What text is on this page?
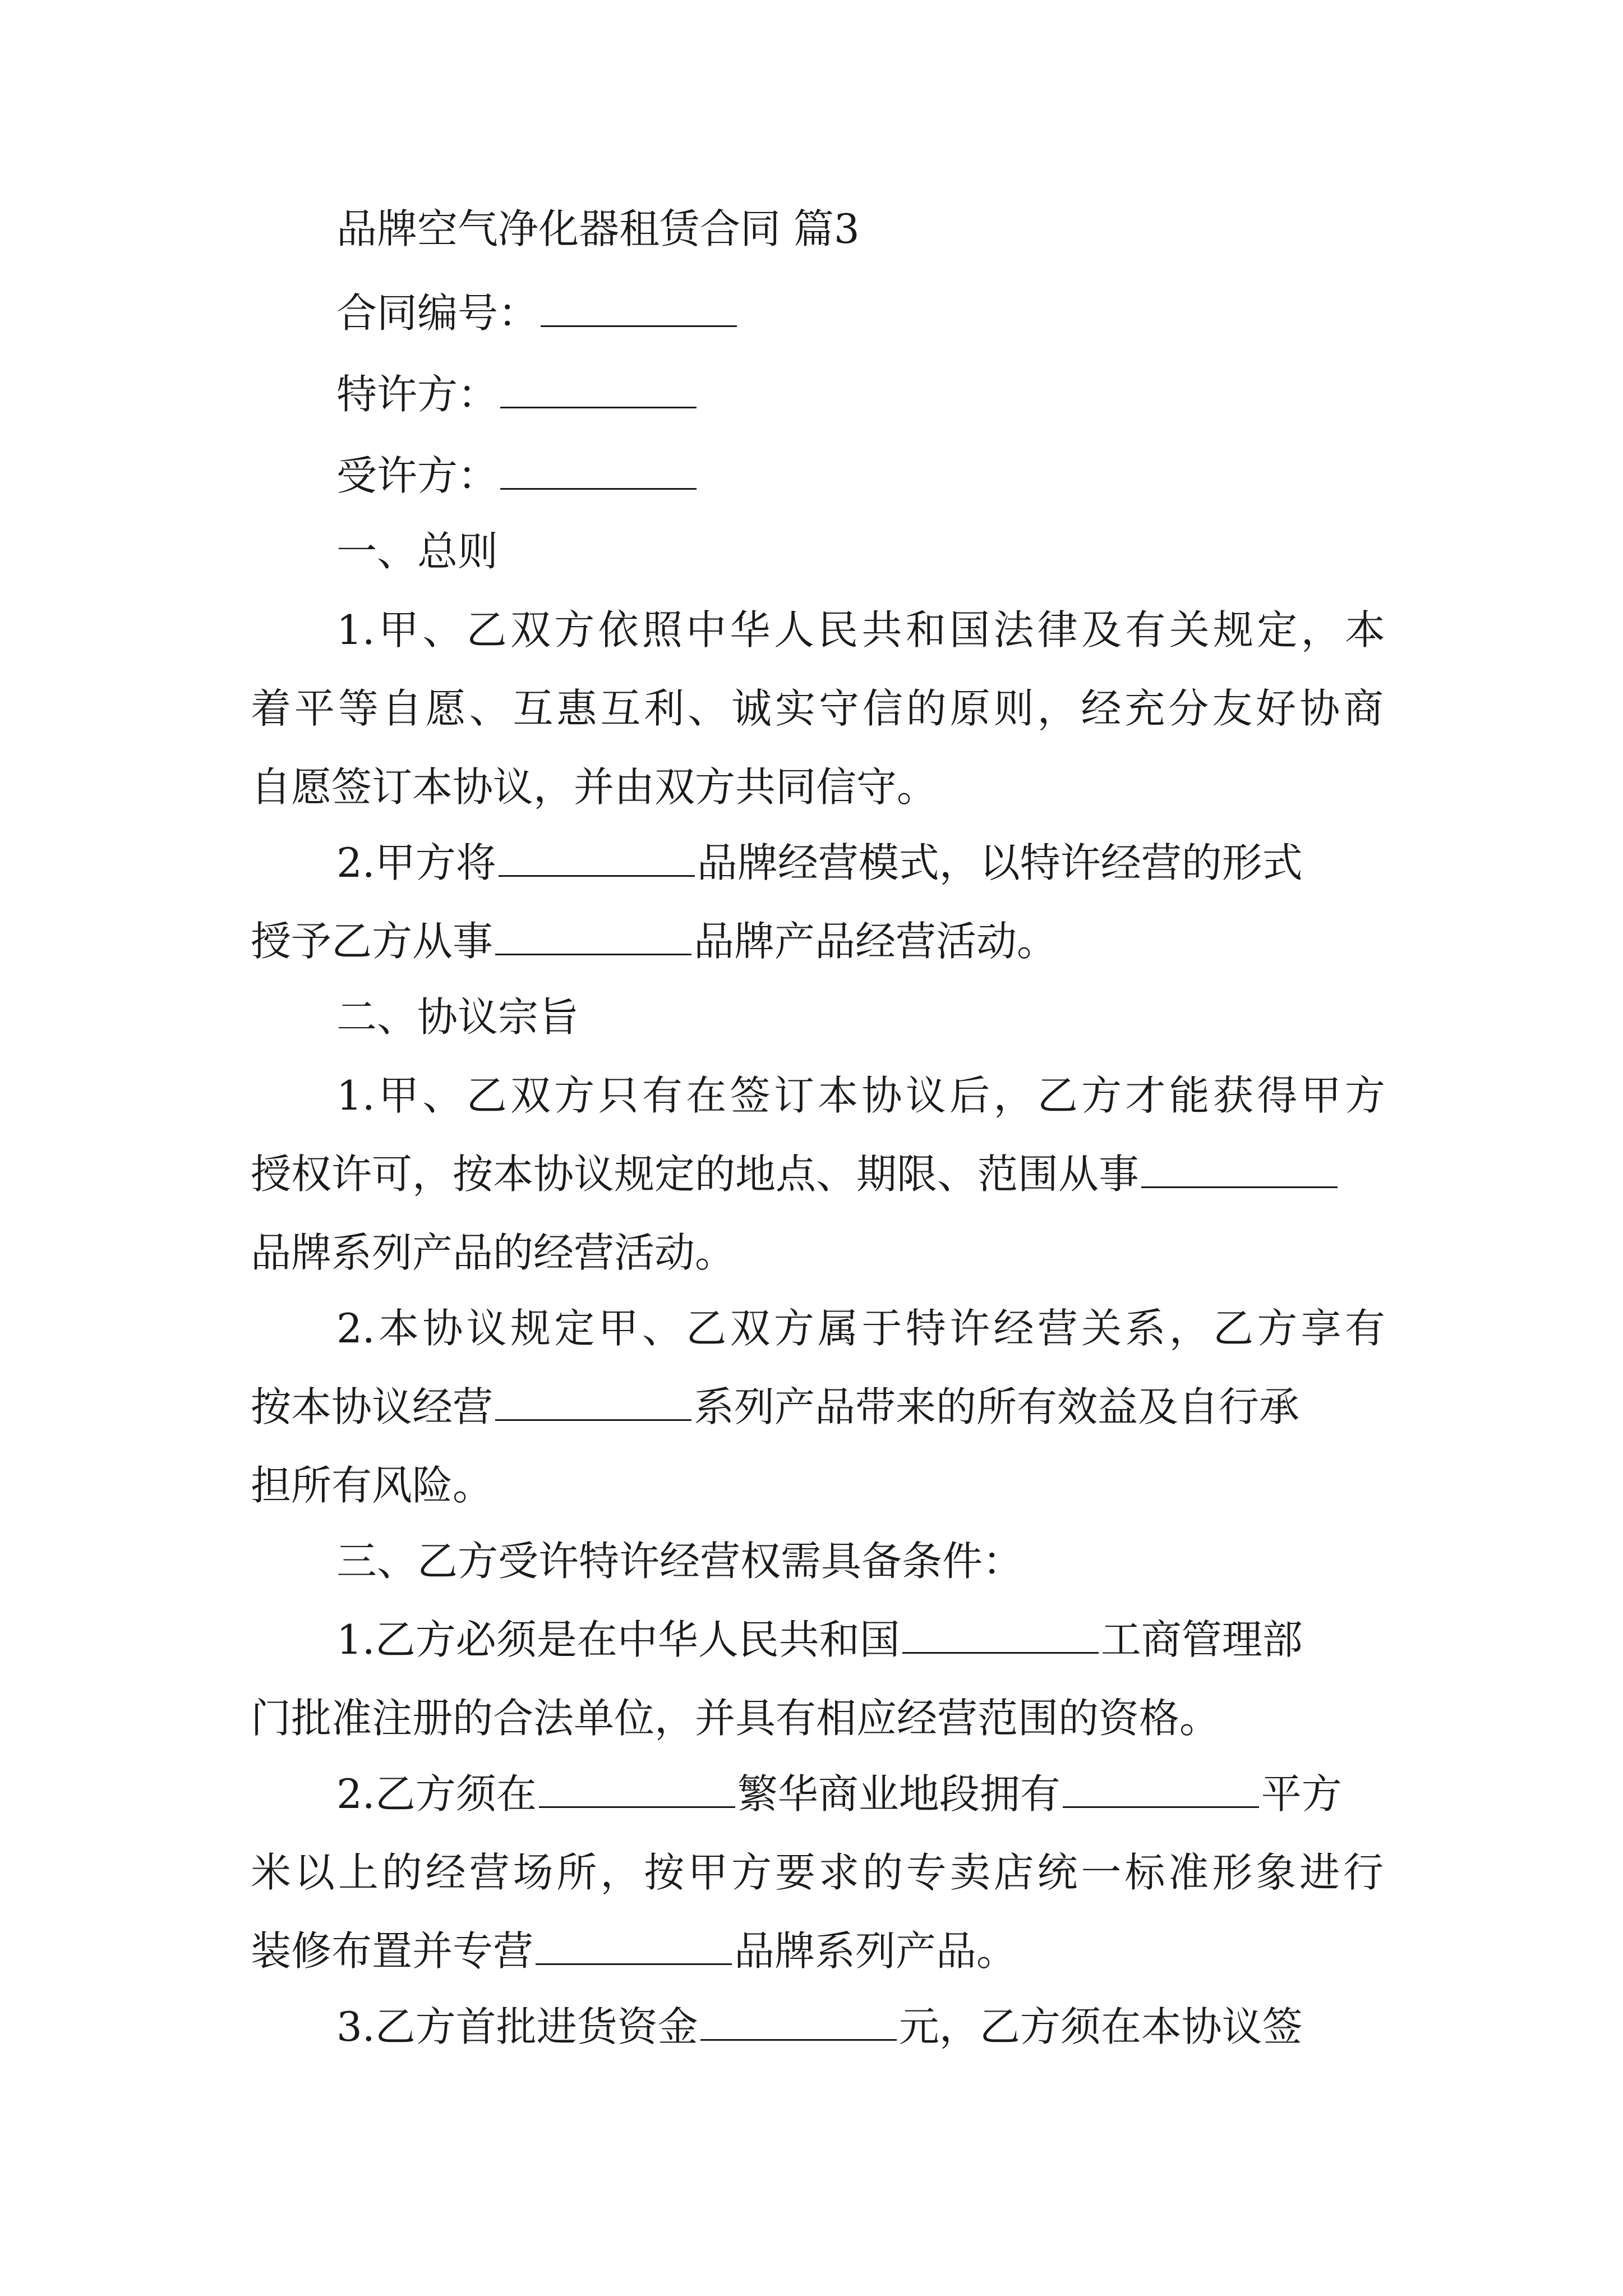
品牌空气净化器租赁合同 篇3
合同编号：
特许方：
受许方：
一、总则
1.甲、乙双方依照中华人民共和国法律及有关规定，本
着平等自愿、互惠互利、诚实守信的原则，经充分友好协商
自愿签订本协议，并由双方共同信守。
2.甲方将	品牌经营模式，以特许经营的形式
授予乙方从事	品牌产品经营活动。
二、协议宗旨
1.甲、乙双方只有在签订本协议后，乙方才能获得甲方
授权许可，按本协议规定的地点、期限、范围从事
品牌系列产品的经营活动。
2.本协议规定甲、乙双方属于特许经营关系，乙方享有
按本协议经营	系列产品带来的所有效益及自行承
担所有风险。
三、乙方受许特许经营权需具备条件：
1.乙方必须是在中华人民共和国	工商管理部
门批准注册的合法单位，并具有相应经营范围的资格。
2.乙方须在	繁华商业地段拥有	平方
米以上的经营场所，按甲方要求的专卖店统一标准形象进行
装修布置并专营	品牌系列产品。
3.乙方首批进货资金	元，乙方须在本协议签
